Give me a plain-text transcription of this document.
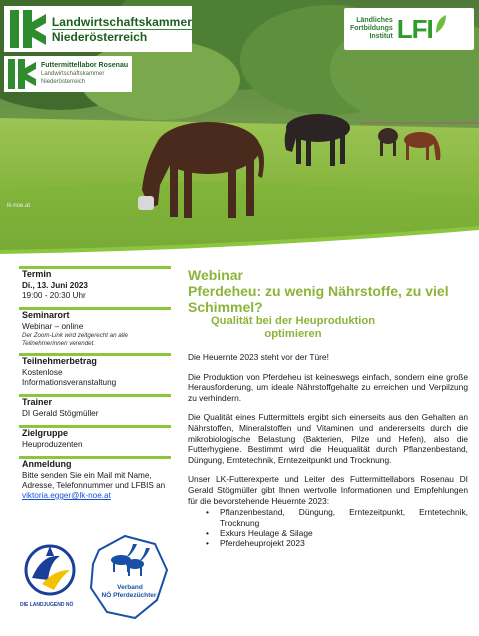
Landwirtschaftskammer
Niederösterreich
Futtermittellabor Rosenau
Landwirtschaftskammer
Niederösterreich
Ländliches
Fortbildungs
Institut LFI
lk-noe.at
Termin
Di., 13. Juni 2023
19:00 - 20:30 Uhr
Seminarort
Webinar – online
Der Zoom-Link wird zeitgerecht an alle Teilnehmerinnen verendet.
Teilnehmerbetrag
Kostenlose
Informationsveranstaltung
Trainer
DI Gerald Stögmüller
Zielgruppe
Heuproduzenten
Anmeldung
Bitte senden Sie ein Mail mit Name, Adresse, Telefonnummer und LFBIS an
viktoria.egger@lk-noe.at
DIE LANDJUGEND NÖ
Verband
NÖ Pferdezüchter
Webinar
Pferdeheu: zu wenig Nährstoffe, zu viel Schimmel?
Qualität bei der Heuproduktion optimieren

Die Heuernte 2023 steht vor der Türe!

Die Produktion von Pferdeheu ist keineswegs einfach, sondern eine große Herausforderung, um ideale Nährstoffgehalte zu erreichen und Verpilzung zu verhindern.

Die Qualität eines Futtermittels ergibt sich einerseits aus den Gehalten an Nährstoffen, Mineralstoffen und Vitaminen und andererseits durch die mikrobiologische Belastung (Bakterien, Pilze und Hefen), also die Futterhygiene. Bestimmt wird die Heuqualität durch Pflanzenbestand, Düngung, Erntetechnik, Erntezeitpunkt und Trocknung.

Unser LK-Futterexperte und Leiter des Futtermittellabors Rosenau DI Gerald Stögmüller gibt Ihnen wertvolle Informationen und Empfehlungen für die bevorstehende Heuernte 2023:

• Pflanzenbestand, Düngung, Erntezeitpunkt, Erntetechnik, Trocknung
• Exkurs Heulage & Silage
• Pferdeheuprojekt 2023
